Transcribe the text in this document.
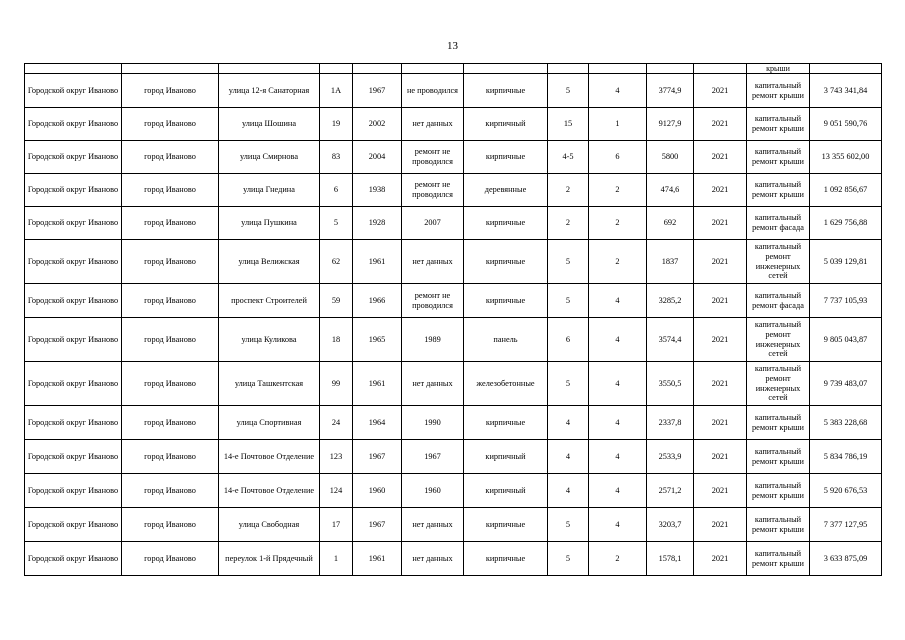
13
											крыши	
Городской округ Иваново	город Иваново	улица 12-я Санаторная	1А	1967	не проводился	кирпичные	5	4	3774,9	2021	капитальный ремонт крыши	3 743 341,84
Городской округ Иваново	город Иваново	улица Шошина	19	2002	нет данных	кирпичный	15	1	9127,9	2021	капитальный ремонт крыши	9 051 590,76
Городской округ Иваново	город Иваново	улица Смирнова	83	2004	ремонт не проводился	кирпичные	4-5	6	5800	2021	капитальный ремонт крыши	13 355 602,00
Городской округ Иваново	город Иваново	улица Гнедина	6	1938	ремонт не проводился	деревянные	2	2	474,6	2021	капитальный ремонт крыши	1 092 856,67
Городской округ Иваново	город Иваново	улица Пушкина	5	1928	2007	кирпичные	2	2	692	2021	капитальный ремонт фасада	1 629 756,88
Городской округ Иваново	город Иваново	улица Велижская	62	1961	нет данных	кирпичные	5	2	1837	2021	капитальный ремонт инженерных сетей	5 039 129,81
Городской округ Иваново	город Иваново	проспект Строителей	59	1966	ремонт не проводился	кирпичные	5	4	3285,2	2021	капитальный ремонт фасада	7 737 105,93
Городской округ Иваново	город Иваново	улица Куликова	18	1965	1989	панель	6	4	3574,4	2021	капитальный ремонт инженерных сетей	9 805 043,87
Городской округ Иваново	город Иваново	улица Ташкентская	99	1961	нет данных	железобетонные	5	4	3550,5	2021	капитальный ремонт инженерных сетей	9 739 483,07
Городской округ Иваново	город Иваново	улица Спортивная	24	1964	1990	кирпичные	4	4	2337,8	2021	капитальный ремонт крыши	5 383 228,68
Городской округ Иваново	город Иваново	14-е Почтовое Отделение	123	1967	1967	кирпичный	4	4	2533,9	2021	капитальный ремонт крыши	5 834 786,19
Городской округ Иваново	город Иваново	14-е Почтовое Отделение	124	1960	1960	кирпичный	4	4	2571,2	2021	капитальный ремонт крыши	5 920 676,53
Городской округ Иваново	город Иваново	улица Свободная	17	1967	нет данных	кирпичные	5	4	3203,7	2021	капитальный ремонт крыши	7 377 127,95
Городской округ Иваново	город Иваново	переулок 1-й Прядечный	1	1961	нет данных	кирпичные	5	2	1578,1	2021	капитальный ремонт крыши	3 633 875,09
